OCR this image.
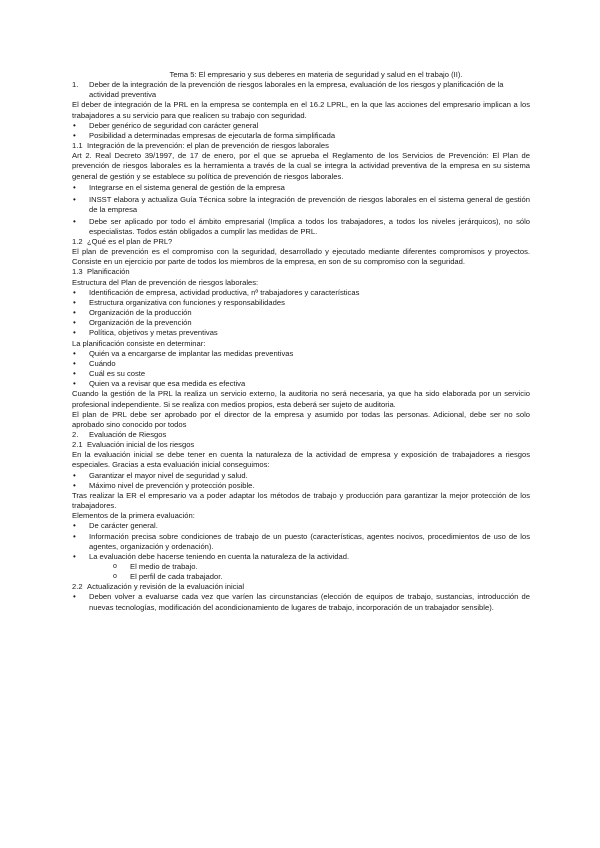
Tema 5: El empresario y sus deberes en materia de seguridad y salud en el trabajo (II).

1. Deber de la integración de la prevención de riesgos laborales en la empresa, evaluación de los riesgos y planificación de la actividad preventiva

El deber de integración de la PRL en la empresa se contempla en el 16.2 LPRL, en la que las acciones del empresario implican a los trabajadores a su servicio para que realicen su trabajo con seguridad.

• Deber genérico de seguridad con carácter general
• Posibilidad a determinadas empresas de ejecutarla de forma simplificada

1.1 Integración de la prevención: el plan de prevención de riesgos laborales

Art 2. Real Decreto 39/1997, de 17 de enero, por el que se aprueba el Reglamento de los Servicios de Prevención: El Plan de prevención de riesgos laborales es la herramienta a través de la cual se integra la actividad preventiva de la empresa en su sistema general de gestión y se establece su política de prevención de riesgos laborales.

• Integrarse en el sistema general de gestión de la empresa
• INSST elabora y actualiza Guía Técnica sobre la integración de prevención de riesgos laborales en el sistema general de gestión de la empresa
• Debe ser aplicado por todo el ámbito empresarial (Implica a todos los trabajadores, a todos los niveles jerárquicos), no sólo especialistas. Todos están obligados a cumplir las medidas de PRL.

1.2 ¿Qué es el plan de PRL?

El plan de prevención es el compromiso con la seguridad, desarrollado y ejecutado mediante diferentes compromisos y proyectos. Consiste en un ejercicio por parte de todos los miembros de la empresa, en son de su compromiso con la seguridad.

1.3 Planificación

Estructura del Plan de prevención de riesgos laborales:

• Identificación de empresa, actividad productiva, nº trabajadores y características
• Estructura organizativa con funciones y responsabilidades
• Organización de la producción
• Organización de la prevención
• Política, objetivos y metas preventivas

La planificación consiste en determinar:

• Quién va a encargarse de implantar las medidas preventivas
• Cuándo
• Cuál es su coste
• Quien va a revisar que esa medida es efectiva

Cuando la gestión de la PRL la realiza un servicio externo, la auditoria no será necesaria, ya que ha sido elaborada por un servicio profesional independiente. Si se realiza con medios propios, esta deberá ser sujeto de auditoria.

El plan de PRL debe ser aprobado por el director de la empresa y asumido por todas las personas. Adicional, debe ser no solo aprobado sino conocido por todos

2. Evaluación de Riesgos

2.1 Evaluación inicial de los riesgos

En la evaluación inicial se debe tener en cuenta la naturaleza de la actividad de empresa y exposición de trabajadores a riesgos especiales. Gracias a esta evaluación inicial conseguimos:

• Garantizar el mayor nivel de seguridad y salud.
• Máximo nivel de prevención y protección posible.

Tras realizar la ER el empresario va a poder adaptar los métodos de trabajo y producción para garantizar la mejor protección de los trabajadores.

Elementos de la primera evaluación:

• De carácter general.
• Información precisa sobre condiciones de trabajo de un puesto (características, agentes nocivos, procedimientos de uso de los agentes, organización y ordenación).
• La evaluación debe hacerse teniendo en cuenta la naturaleza de la actividad.
o El medio de trabajo.
o El perfil de cada trabajador.

2.2 Actualización y revisión de la evaluación inicial

• Deben volver a evaluarse cada vez que varíen las circunstancias (elección de equipos de trabajo, sustancias, introducción de nuevas tecnologías, modificación del acondicionamiento de lugares de trabajo, incorporación de un trabajador sensible).
